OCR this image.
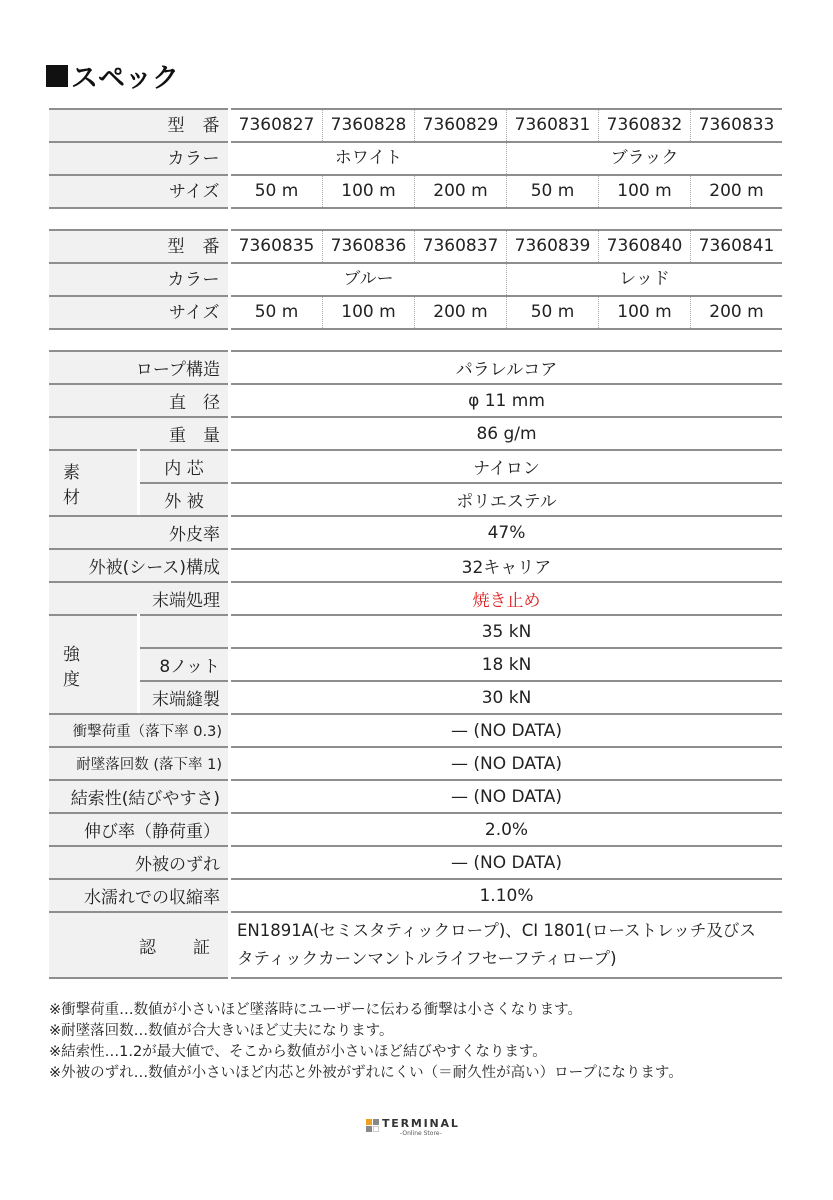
スペック
型　番	7360827 7360828 7360829 7360831 7360832 7360833
カラー	ホワイト	ブラック
サイズ	50 m	100 m	200 m	50 m	100 m	200 m
型　番	7360835 7360836 7360837 7360839 7360840 7360841
カラー	ブルー	レッド
サイズ	50 m	100 m	200 m	50 m	100 m	200 m
ロープ構造	パラレルコア
直　径	φ 11 mm
重　量	86 g/m
素　材
内 芯	ナイロン
外 被	ポリエステル
外皮率	47%
外被(シース)構成	32キャリア
末端処理	焼き止め
強　度
35 kN
8ノット	18 kN
末端縫製	30 kN
衝撃荷重（落下率 0.3)	— (NO DATA)
耐墜落回数 (落下率 1)	— (NO DATA)
結索性(結びやすさ)	— (NO DATA)
伸び率（静荷重）	2.0%
外被のずれ	— (NO DATA)
水濡れでの収縮率	1.10%
認　証
EN1891A(セミスタティックロープ)、CI 1801(ローストレッチ及びス
タティックカーンマントルライフセーフティロープ)
※衝撃荷重…数値が小さいほど墜落時にユーザーに伝わる衝撃は小さくなります。
※耐墜落回数…数値が合大きいほど丈夫になります。
※結索性…1.2が最大値で、そこから数値が小さいほど結びやすくなります。
※外被のずれ…数値が小さいほど内芯と外被がずれにくい（＝耐久性が高い）ロープになります。
TERMINAL
-Online Store-
